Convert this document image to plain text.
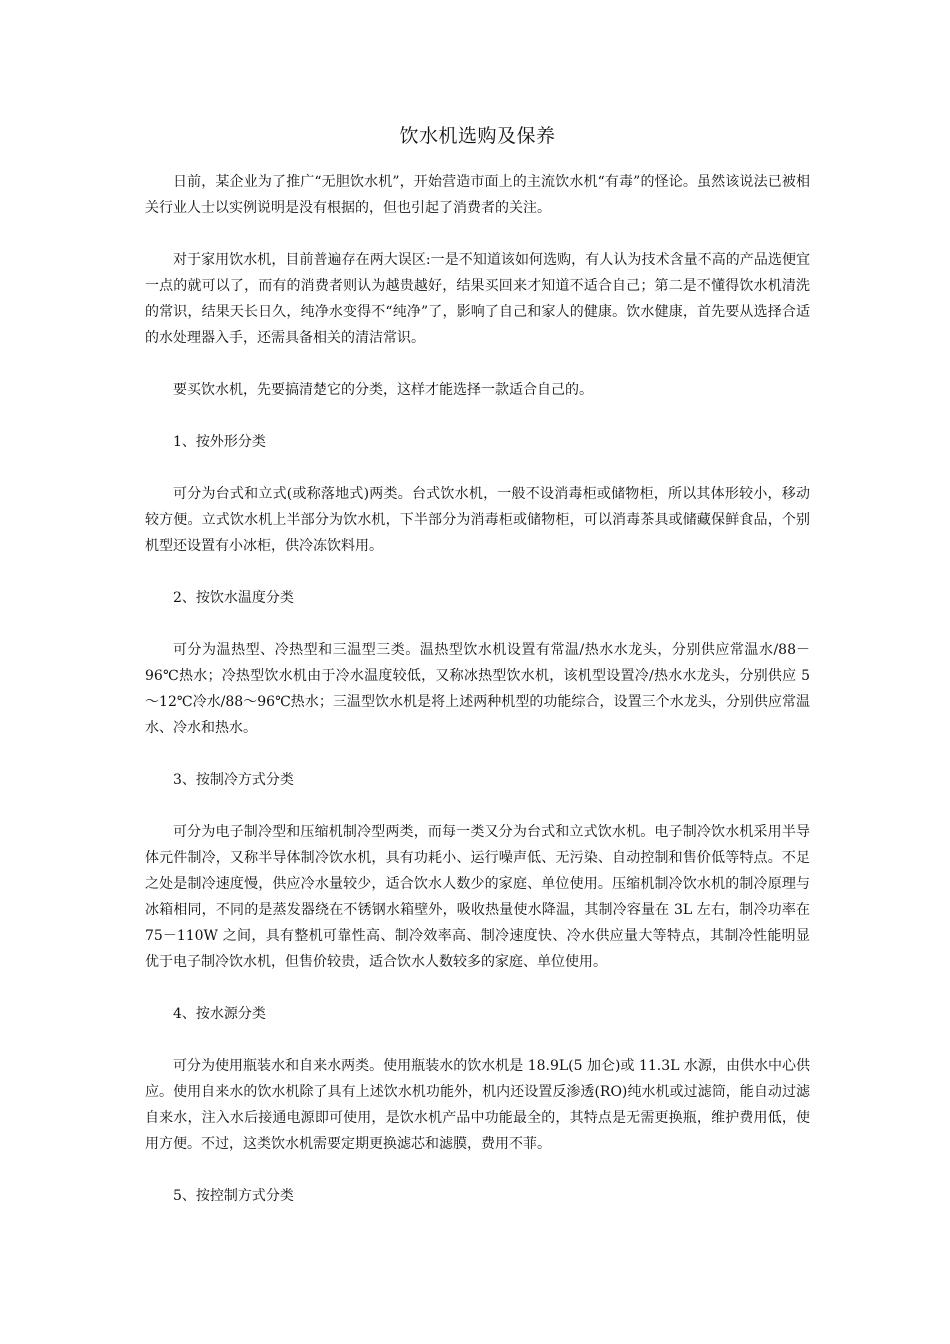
饮水机选购及保养

日前，某企业为了推广“无胆饮水机”，开始营造市面上的主流饮水机“有毒”的怪论。虽然该说法已被相关行业人士以实例说明是没有根据的，但也引起了消费者的关注。

对于家用饮水机，目前普遍存在两大误区:一是不知道该如何选购，有人认为技术含量不高的产品选便宜一点的就可以了，而有的消费者则认为越贵越好，结果买回来才知道不适合自己；第二是不懂得饮水机清洗的常识，结果天长日久，纯净水变得不“纯净”了，影响了自己和家人的健康。饮水健康，首先要从选择合适的水处理器入手，还需具备相关的清洁常识。

要买饮水机，先要搞清楚它的分类，这样才能选择一款适合自己的。

1、按外形分类

可分为台式和立式(或称落地式)两类。台式饮水机，一般不设消毒柜或储物柜，所以其体形较小，移动较方便。立式饮水机上半部分为饮水机，下半部分为消毒柜或储物柜，可以消毒茶具或储藏保鲜食品，个别机型还设置有小冰柜，供冷冻饮料用。

2、按饮水温度分类

可分为温热型、冷热型和三温型三类。温热型饮水机设置有常温/热水水龙头，分别供应常温水/88－96℃热水；冷热型饮水机由于冷水温度较低，又称冰热型饮水机，该机型设置冷/热水水龙头，分别供应 5～12℃冷水/88～96℃热水；三温型饮水机是将上述两种机型的功能综合，设置三个水龙头，分别供应常温水、冷水和热水。

3、按制冷方式分类

可分为电子制冷型和压缩机制冷型两类，而每一类又分为台式和立式饮水机。电子制冷饮水机采用半导体元件制冷，又称半导体制冷饮水机，具有功耗小、运行噪声低、无污染、自动控制和售价低等特点。不足之处是制冷速度慢，供应冷水量较少，适合饮水人数少的家庭、单位使用。压缩机制冷饮水机的制冷原理与冰箱相同，不同的是蒸发器绕在不锈钢水箱壁外，吸收热量使水降温，其制冷容量在 3L 左右，制冷功率在 75－110W 之间，具有整机可靠性高、制冷效率高、制冷速度快、冷水供应量大等特点，其制冷性能明显优于电子制冷饮水机，但售价较贵，适合饮水人数较多的家庭、单位使用。

4、按水源分类

可分为使用瓶装水和自来水两类。使用瓶装水的饮水机是 18.9L(5 加仑)或 11.3L 水源，由供水中心供应。使用自来水的饮水机除了具有上述饮水机功能外，机内还设置反渗透(RO)纯水机或过滤筒，能自动过滤自来水，注入水后接通电源即可使用，是饮水机产品中功能最全的，其特点是无需更换瓶，维护费用低，使用方便。不过，这类饮水机需要定期更换滤芯和滤膜，费用不菲。

5、按控制方式分类
